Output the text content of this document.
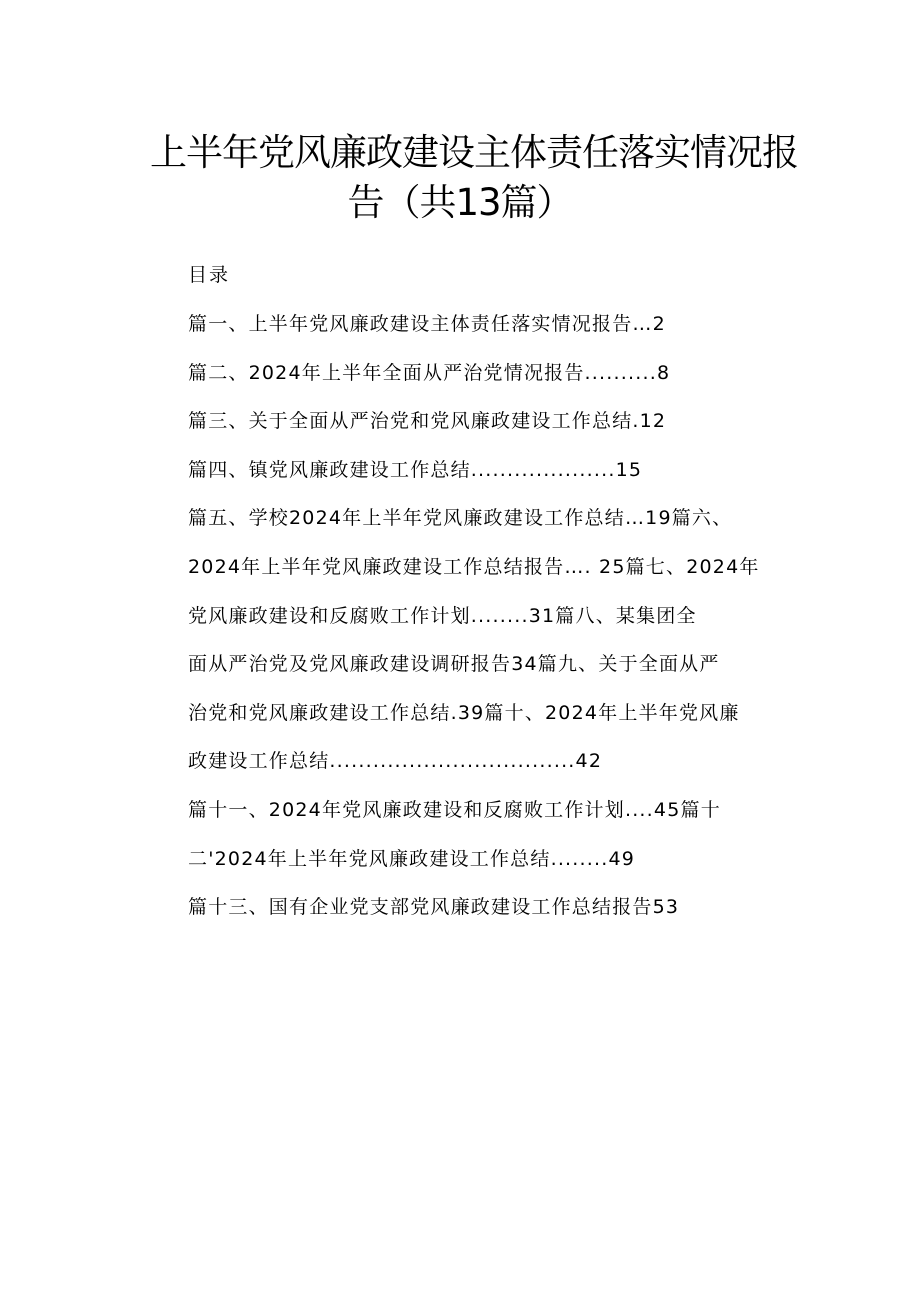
上半年党风廉政建设主体责任落实情况报
告（共13篇）
目录
篇一、上半年党风廉政建设主体责任落实情况报告…2
篇二、2024年上半年全面从严治党情况报告..........8
篇三、关于全面从严治党和党风廉政建设工作总结.12
篇四、镇党风廉政建设工作总结....................15
篇五、学校2024年上半年党风廉政建设工作总结…19篇六、
2024年上半年党风廉政建设工作总结报告…. 25篇七、2024年
党风廉政建设和反腐败工作计划........31篇八、某集团全
面从严治党及党风廉政建设调研报告34篇九、关于全面从严
治党和党风廉政建设工作总结.39篇十、2024年上半年党风廉
政建设工作总结..................................42
篇十一、2024年党风廉政建设和反腐败工作计划....45篇十
二'2024年上半年党风廉政建设工作总结........49
篇十三、国有企业党支部党风廉政建设工作总结报告53
